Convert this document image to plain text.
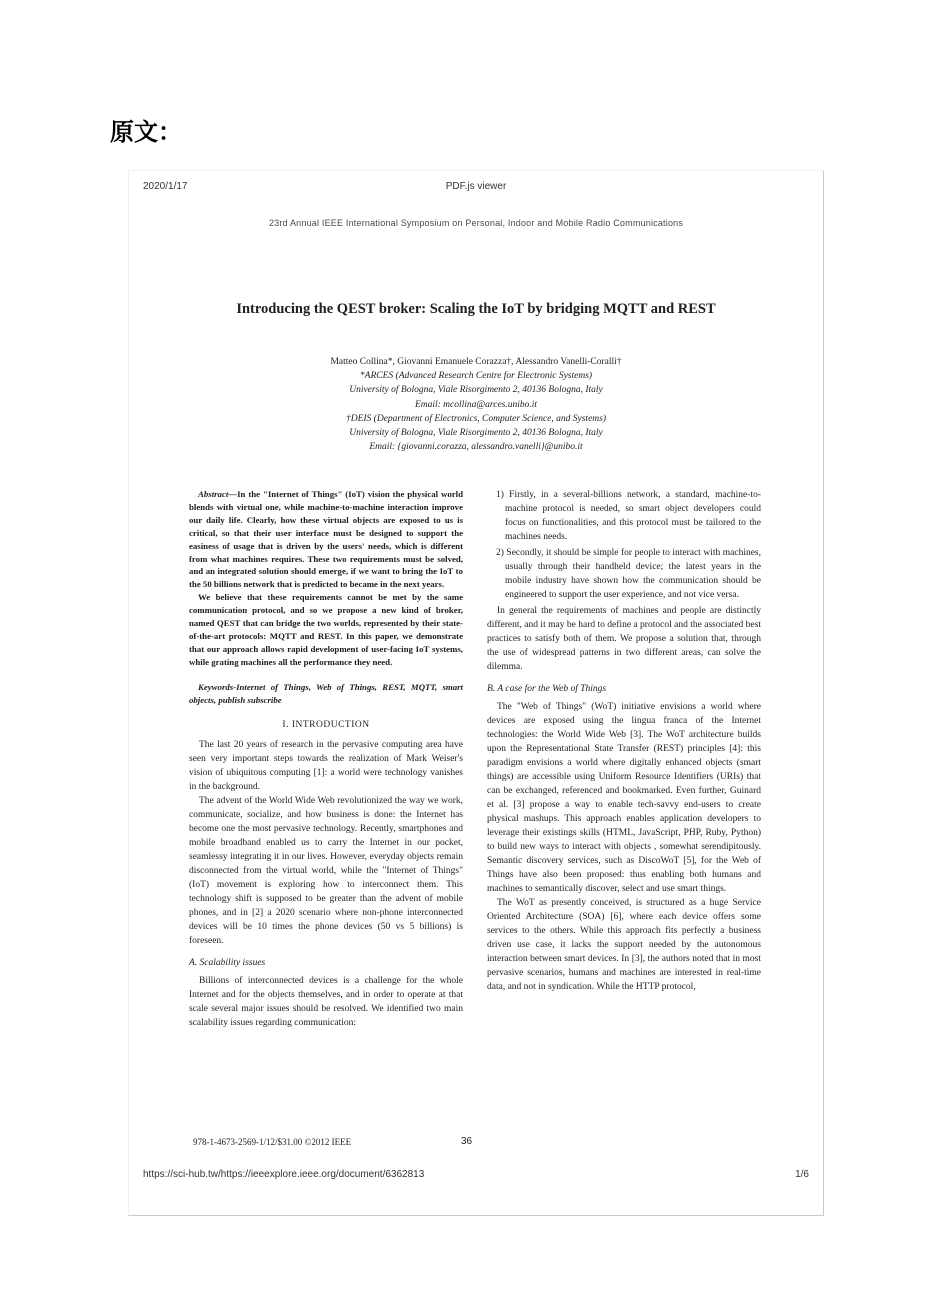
原文：
2020/1/17	PDF.js viewer
23rd Annual IEEE International Symposium on Personal, Indoor and Mobile Radio Communications
Introducing the QEST broker: Scaling the IoT by bridging MQTT and REST
Matteo Collina*, Giovanni Emanuele Corazza†, Alessandro Vanelli-Coralli†
*ARCES (Advanced Research Centre for Electronic Systems)
University of Bologna, Viale Risorgimento 2, 40136 Bologna, Italy
Email: mcollina@arces.unibo.it
†DEIS (Department of Electronics, Computer Science, and Systems)
University of Bologna, Viale Risorgimento 2, 40136 Bologna, Italy
Email: {giovanni.corazza, alessandro.vanelli}@unibo.it

Abstract—In the "Internet of Things" (IoT) vision the physical world blends with virtual one, while machine-to-machine interaction improve our daily life. Clearly, how these virtual objects are exposed to us is critical, so that their user interface must be designed to support the easiness of usage that is driven by the users' needs, which is different from what machines requires. These two requirements must be solved, and an integrated solution should emerge, if we want to bring the IoT to the 50 billions network that is predicted to became in the next years.

We believe that these requirements cannot be met by the same communication protocol, and so we propose a new kind of broker, named QEST that can bridge the two worlds, represented by their state-of-the-art protocols: MQTT and REST. In this paper, we demonstrate that our approach allows rapid development of user-facing IoT systems, while grating machines all the performance they need.

Keywords-Internet of Things, Web of Things, REST, MQTT, smart objects, publish subscribe

I. INTRODUCTION

The last 20 years of research in the pervasive computing area have seen very important steps towards the realization of Mark Weiser's vision of ubiquitous computing [1]: a world were technology vanishes in the background.

The advent of the World Wide Web revolutionized the way we work, communicate, socialize, and how business is done: the Internet has become one the most pervasive technology. Recently, smartphones and mobile broadband enabled us to carry the Internet in our pocket, seamlessy integrating it in our lives. However, everyday objects remain disconnected from the virtual world, while the "Internet of Things" (IoT) movement is exploring how to interconnect them. This technology shift is supposed to be greater than the advent of mobile phones, and in [2] a 2020 scenario where non-phone interconnected devices will be 10 times the phone devices (50 vs 5 billions) is foreseen.

A. Scalability issues

Billions of interconnected devices is a challenge for the whole Internet and for the objects themselves, and in order to operate at that scale several major issues should be resolved. We identified two main scalability issues regarding communication:

1) Firstly, in a several-billions network, a standard, machine-to-machine protocol is needed, so smart object developers could focus on functionalities, and this protocol must be tailored to the machines needs.

2) Secondly, it should be simple for people to interact with machines, usually through their handheld device; the latest years in the mobile industry have shown how the communication should be engineered to support the user experience, and not vice versa.

In general the requirements of machines and people are distinctly different, and it may be hard to define a protocol and the associated best practices to satisfy both of them. We propose a solution that, through the use of widespread patterns in two different areas, can solve the dilemma.

B. A case for the Web of Things

The "Web of Things" (WoT) initiative envisions a world where devices are exposed using the lingua franca of the Internet technologies: the World Wide Web [3]. The WoT architecture builds upon the Representational State Transfer (REST) principles [4]: this paradigm envisions a world where digitally enhanced objects (smart things) are accessible using Uniform Resource Identifiers (URIs) that can be exchanged, referenced and bookmarked. Even further, Guinard et al. [3] propose a way to enable tech-savvy end-users to create physical mashups. This approach enables application developers to leverage their existings skills (HTML, JavaScript, PHP, Ruby, Python) to build new ways to interact with objects , somewhat serendipitously. Semantic discovery services, such as DiscoWoT [5], for the Web of Things have also been proposed: thus enabling both humans and machines to semantically discover, select and use smart things.

The WoT as presently conceived, is structured as a huge Service Oriented Architecture (SOA) [6], where each device offers some services to the others. While this approach fits perfectly a business driven use case, it lacks the support needed by the autonomous interaction between smart devices. In [3], the authors noted that in most pervasive scenarios, humans and machines are interested in real-time data, and not in syndication. While the HTTP protocol,

978-1-4673-2569-1/12/$31.00 ©2012 IEEE	36
https://sci-hub.tw/https://ieeexplore.ieee.org/document/6362813	1/6
